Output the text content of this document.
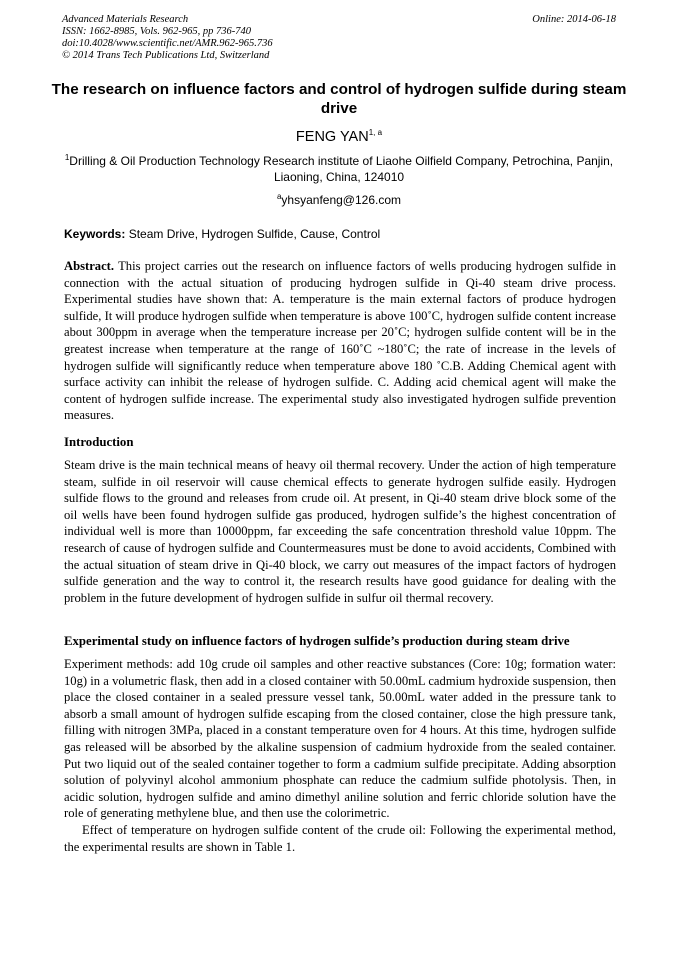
Advanced Materials Research
ISSN: 1662-8985, Vols. 962-965, pp 736-740
doi:10.4028/www.scientific.net/AMR.962-965.736
© 2014 Trans Tech Publications Ltd, Switzerland
Online: 2014-06-18
The research on influence factors and control of hydrogen sulfide during steam drive
FENG YAN$^{1, a}$
$^1$Drilling & Oil Production Technology Research institute of Liaohe Oilfield Company, Petrochina, Panjin, Liaoning, China, 124010
$^a$yhsyanfeng@126.com
Keywords: Steam Drive, Hydrogen Sulfide, Cause, Control

Abstract. This project carries out the research on influence factors of wells producing hydrogen sulfide in connection with the actual situation of producing hydrogen sulfide in Qi-40 steam drive process. Experimental studies have shown that: A. temperature is the main external factors of produce hydrogen sulfide, It will produce hydrogen sulfide when temperature is above 100˚C, hydrogen sulfide content increase about 300ppm in average when the temperature increase per 20˚C; hydrogen sulfide content will be in the greatest increase when temperature at the range of 160˚C ~180˚C; the rate of increase in the levels of hydrogen sulfide will significantly reduce when temperature above 180 ˚C.B. Adding Chemical agent with surface activity can inhibit the release of hydrogen sulfide. C. Adding acid chemical agent will make the content of hydrogen sulfide increase. The experimental study also investigated hydrogen sulfide prevention measures.

Introduction

Steam drive is the main technical means of heavy oil thermal recovery. Under the action of high temperature steam, sulfide in oil reservoir will cause chemical effects to generate hydrogen sulfide easily. Hydrogen sulfide flows to the ground and releases from crude oil. At present, in Qi-40 steam drive block some of the oil wells have been found hydrogen sulfide gas produced, hydrogen sulfide’s the highest concentration of individual well is more than 10000ppm, far exceeding the safe concentration threshold value 10ppm. The research of cause of hydrogen sulfide and Countermeasures must be done to avoid accidents, Combined with the actual situation of steam drive in Qi-40 block, we carry out measures of the impact factors of hydrogen sulfide generation and the way to control it, the research results have good guidance for dealing with the problem in the future development of hydrogen sulfide in sulfur oil thermal recovery.

Experimental study on influence factors of hydrogen sulfide’s production during steam drive

Experiment methods: add 10g crude oil samples and other reactive substances (Core: 10g; formation water: 10g) in a volumetric flask, then add in a closed container with 50.00mL cadmium hydroxide suspension, then place the closed container in a sealed pressure vessel tank, 50.00mL water added in the pressure tank to absorb a small amount of hydrogen sulfide escaping from the closed container, close the high pressure tank, filling with nitrogen 3MPa, placed in a constant temperature oven for 4 hours. At this time, hydrogen sulfide gas released will be absorbed by the alkaline suspension of cadmium hydroxide from the sealed container. Put two liquid out of the sealed container together to form a cadmium sulfide precipitate. Adding absorption solution of polyvinyl alcohol ammonium phosphate can reduce the cadmium sulfide photolysis. Then, in acidic solution, hydrogen sulfide and amino dimethyl aniline solution and ferric chloride solution have the role of generating methylene blue, and then use the colorimetric.

Effect of temperature on hydrogen sulfide content of the crude oil: Following the experimental method, the experimental results are shown in Table 1.
